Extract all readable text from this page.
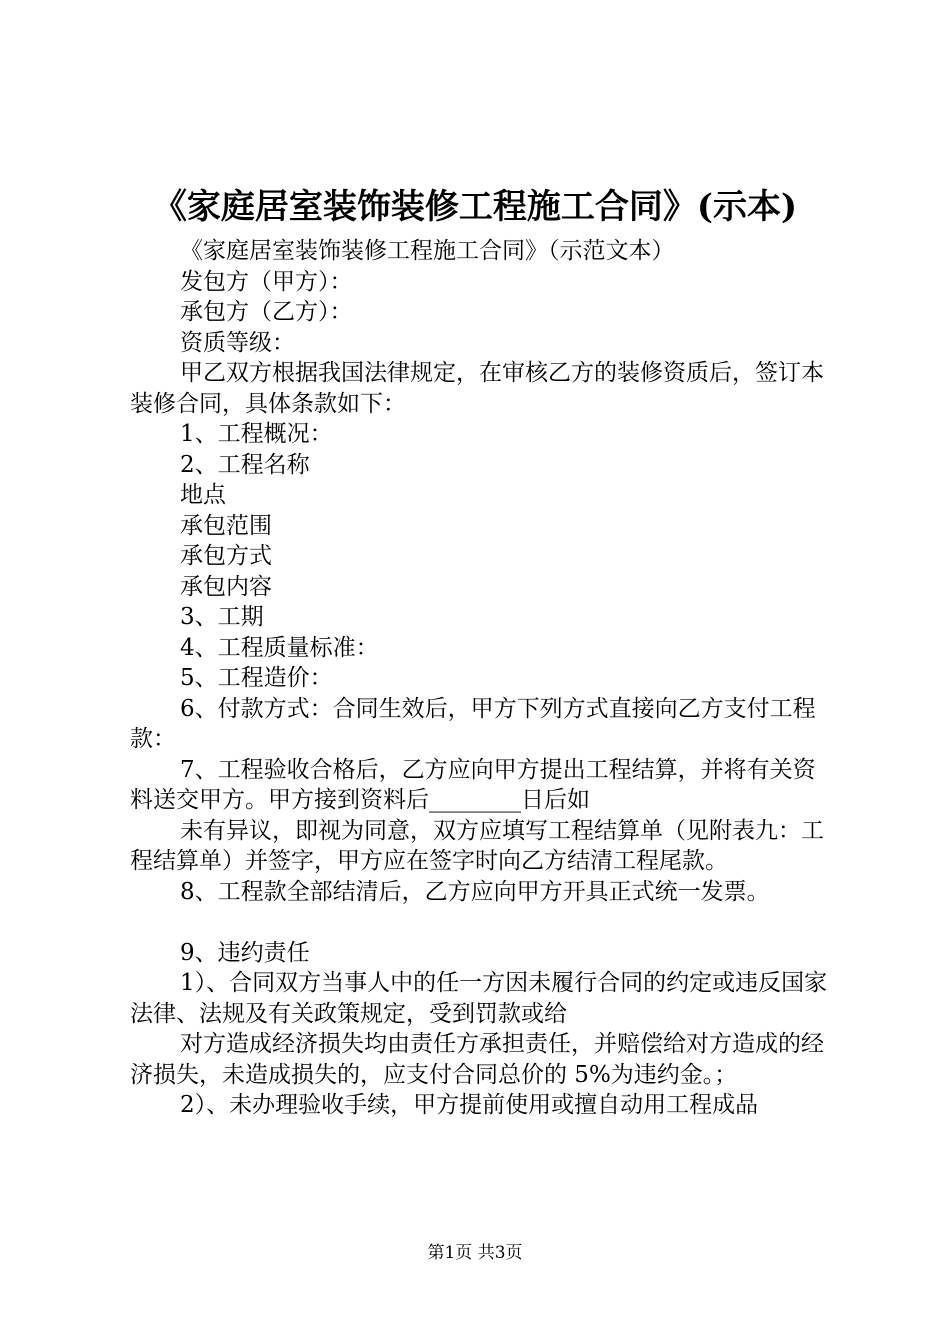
《家庭居室装饰装修工程施工合同》(示本)

《家庭居室装饰装修工程施工合同》（示范文本）

发包方（甲方）：

承包方（乙方）：

资质等级：

甲乙双方根据我国法律规定，在审核乙方的装修资质后，签订本装修合同，具体条款如下：

1、工程概况：

2、工程名称

地点

承包范围

承包方式

承包内容

3、工期

4、工程质量标准：

5、工程造价：

6、付款方式：合同生效后，甲方下列方式直接向乙方支付工程款：

7、工程验收合格后，乙方应向甲方提出工程结算，并将有关资料送交甲方。甲方接到资料后________日后如

未有异议，即视为同意，双方应填写工程结算单（见附表九：工程结算单）并签字，甲方应在签字时向乙方结清工程尾款。

8、工程款全部结清后，乙方应向甲方开具正式统一发票。

9、违约责任

1）、合同双方当事人中的任一方因未履行合同的约定或违反国家法律、法规及有关政策规定，受到罚款或给

对方造成经济损失均由责任方承担责任，并赔偿给对方造成的经济损失，未造成损失的，应支付合同总价的 5%为违约金。；

2）、未办理验收手续，甲方提前使用或擅自动用工程成品

第1页 共3页
